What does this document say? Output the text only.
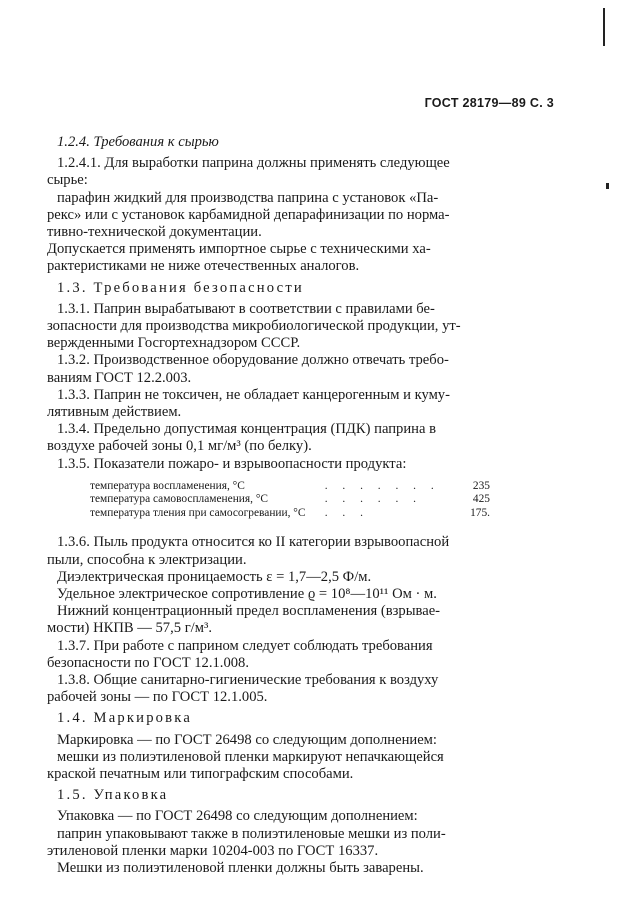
ГОСТ 28179—89 С. 3

1.2.4. Требования к сырью

1.2.4.1. Для выработки паприна должны применять следующее

сырье:

парафин жидкий для производства паприна с установок «Па-

рекс» или с установок карбамидной депарафинизации по норма-

тивно-технической документации.

Допускается применять импортное сырье с техническими ха-

рактеристиками не ниже отечественных аналогов.

1.3. Требования безопасности

1.3.1. Паприн вырабатывают в соответствии с правилами бе-

зопасности для производства микробиологической продукции, ут-

вержденными Госгортехнадзором СССР.

1.3.2. Производственное оборудование должно отвечать требо-

ваниям ГОСТ 12.2.003.

1.3.3. Паприн не токсичен, не обладает канцерогенным и куму-

лятивным действием.

1.3.4. Предельно допустимая концентрация (ПДК) паприна в

воздухе рабочей зоны 0,1 мг/м³ (по белку).

1.3.5. Показатели пожаро- и взрывоопасности продукта:

температура воспламенения, °С	. . . . . . .	235
температура самовоспламенения, °С	. . . . . .	425
температура тления при самосогревании, °С	. . .	175.

1.3.6. Пыль продукта относится ко II категории взрывоопасной

пыли, способна к электризации.

Диэлектрическая проницаемость ε = 1,7—2,5 Ф/м.

Удельное электрическое сопротивление ϱ = 10⁸—10¹¹ Ом · м.

Нижний концентрационный предел воспламенения (взрывае-

мости) НКПВ — 57,5 г/м³.

1.3.7. При работе с паприном следует соблюдать требования

безопасности по ГОСТ 12.1.008.

1.3.8. Общие санитарно-гигиенические требования к воздуху

рабочей зоны — по ГОСТ 12.1.005.

1.4. Маркировка

Маркировка — по ГОСТ 26498 со следующим дополнением:

мешки из полиэтиленовой пленки маркируют непачкающейся

краской печатным или типографским способами.

1.5. Упаковка

Упаковка — по ГОСТ 26498 со следующим дополнением:

паприн упаковывают также в полиэтиленовые мешки из поли-

этиленовой пленки марки 10204-003 по ГОСТ 16337.

Мешки из полиэтиленовой пленки должны быть заварены.
